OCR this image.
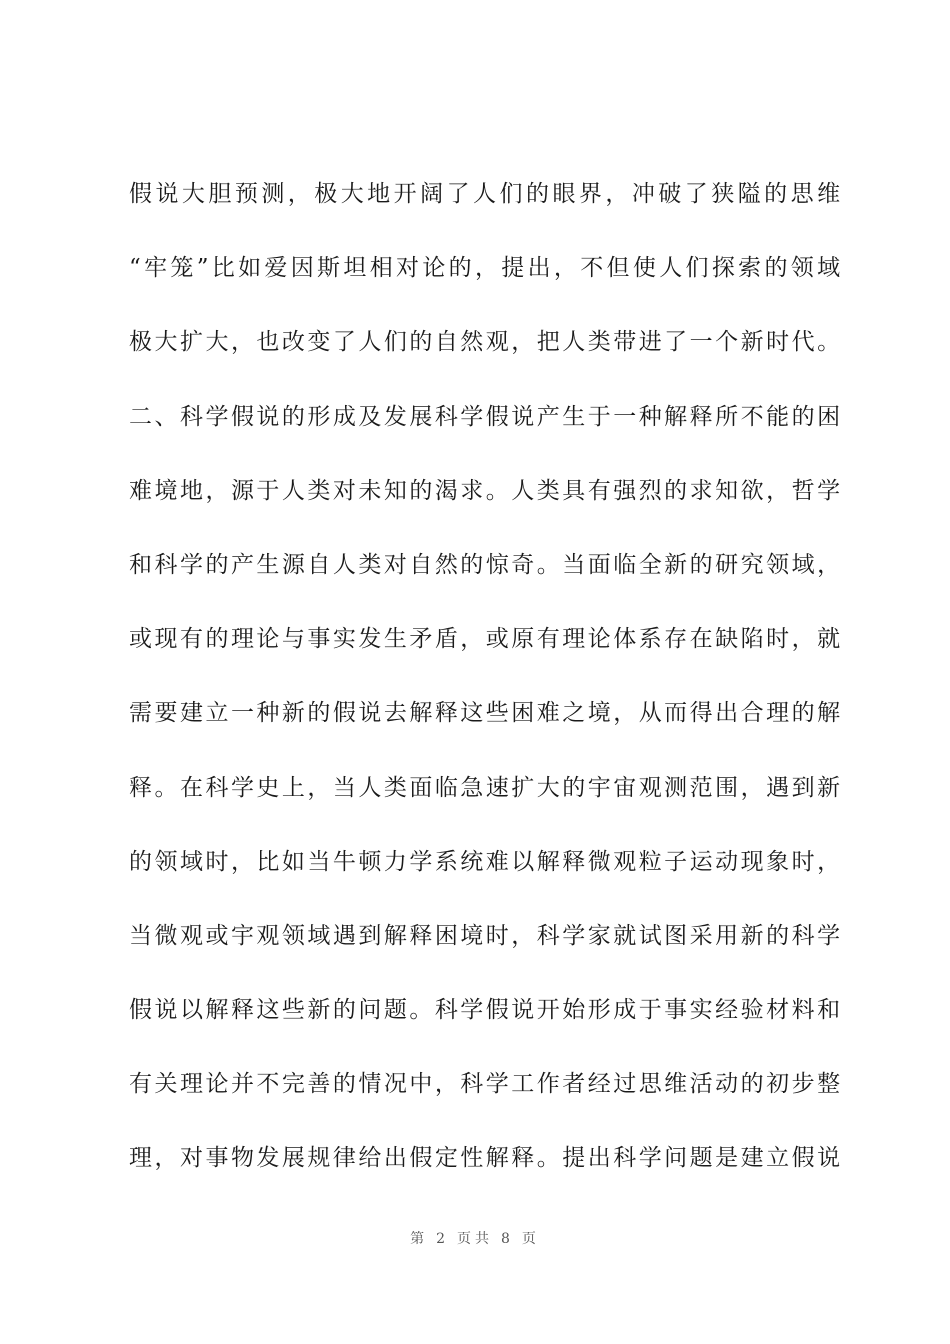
假说大胆预测，极大地开阔了人们的眼界，冲破了狭隘的思维
“牢笼”比如爱因斯坦相对论的，提出，不但使人们探索的领域
极大扩大，也改变了人们的自然观，把人类带进了一个新时代。
二、科学假说的形成及发展科学假说产生于一种解释所不能的困
难境地，源于人类对未知的渴求。人类具有强烈的求知欲，哲学
和科学的产生源自人类对自然的惊奇。当面临全新的研究领域，
或现有的理论与事实发生矛盾，或原有理论体系存在缺陷时，就
需要建立一种新的假说去解释这些困难之境，从而得出合理的解
释。在科学史上，当人类面临急速扩大的宇宙观测范围，遇到新
的领域时，比如当牛顿力学系统难以解释微观粒子运动现象时，
当微观或宇观领域遇到解释困境时，科学家就试图采用新的科学
假说以解释这些新的问题。科学假说开始形成于事实经验材料和
有关理论并不完善的情况中，科学工作者经过思维活动的初步整
理，对事物发展规律给出假定性解释。提出科学问题是建立假说
第 2 页共 8 页
